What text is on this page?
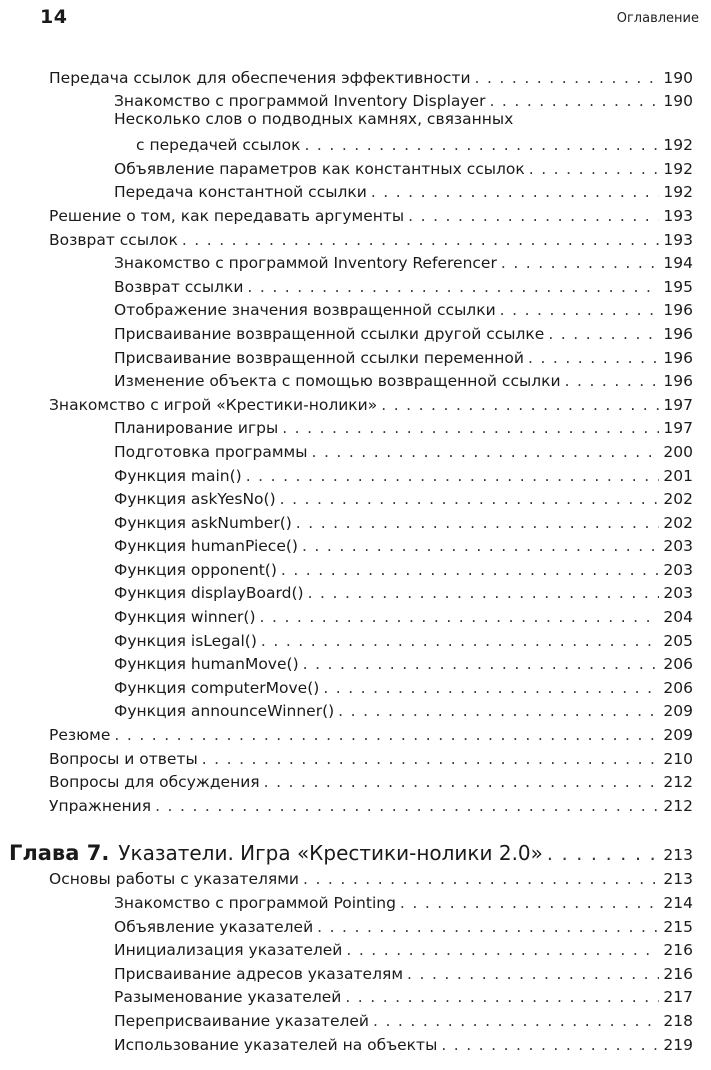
14	Оглавление
Передача ссылок для обеспечения эффективности . . .	190
Знакомство с программой Inventory Displayer . . .	190
Несколько слов о подводных камнях, связанных
с передачей ссылок . . .	192
Объявление параметров как константных ссылок . . .	192
Передача константной ссылки . . .	192
Решение о том, как передавать аргументы . . .	193
Возврат ссылок . . .	193
Знакомство с программой Inventory Referencer . . .	194
Возврат ссылки . . .	195
Отображение значения возвращенной ссылки . . .	196
Присваивание возвращенной ссылки другой ссылке . . .	196
Присваивание возвращенной ссылки переменной . . .	196
Изменение объекта с помощью возвращенной ссылки . . .	196
Знакомство с игрой «Крестики-нолики» . . .	197
Планирование игры . . .	197
Подготовка программы . . .	200
Функция main() . . .	201
Функция askYesNo() . . .	202
Функция askNumber() . . .	202
Функция humanPiece() . . .	203
Функция opponent() . . .	203
Функция displayBoard() . . .	203
Функция winner() . . .	204
Функция isLegal() . . .	205
Функция humanMove() . . .	206
Функция computerMove() . . .	206
Функция announceWinner() . . .	209
Резюме . . .	209
Вопросы и ответы . . .	210
Вопросы для обсуждения . . .	212
Упражнения . . .	212
Глава 7. Указатели. Игра «Крестики-нолики 2.0» . . .	213
Основы работы с указателями . . .	213
Знакомство с программой Pointing . . .	214
Объявление указателей . . .	215
Инициализация указателей . . .	216
Присваивание адресов указателям . . .	216
Разыменование указателей . . .	217
Переприсваивание указателей . . .	218
Использование указателей на объекты . . .	219
